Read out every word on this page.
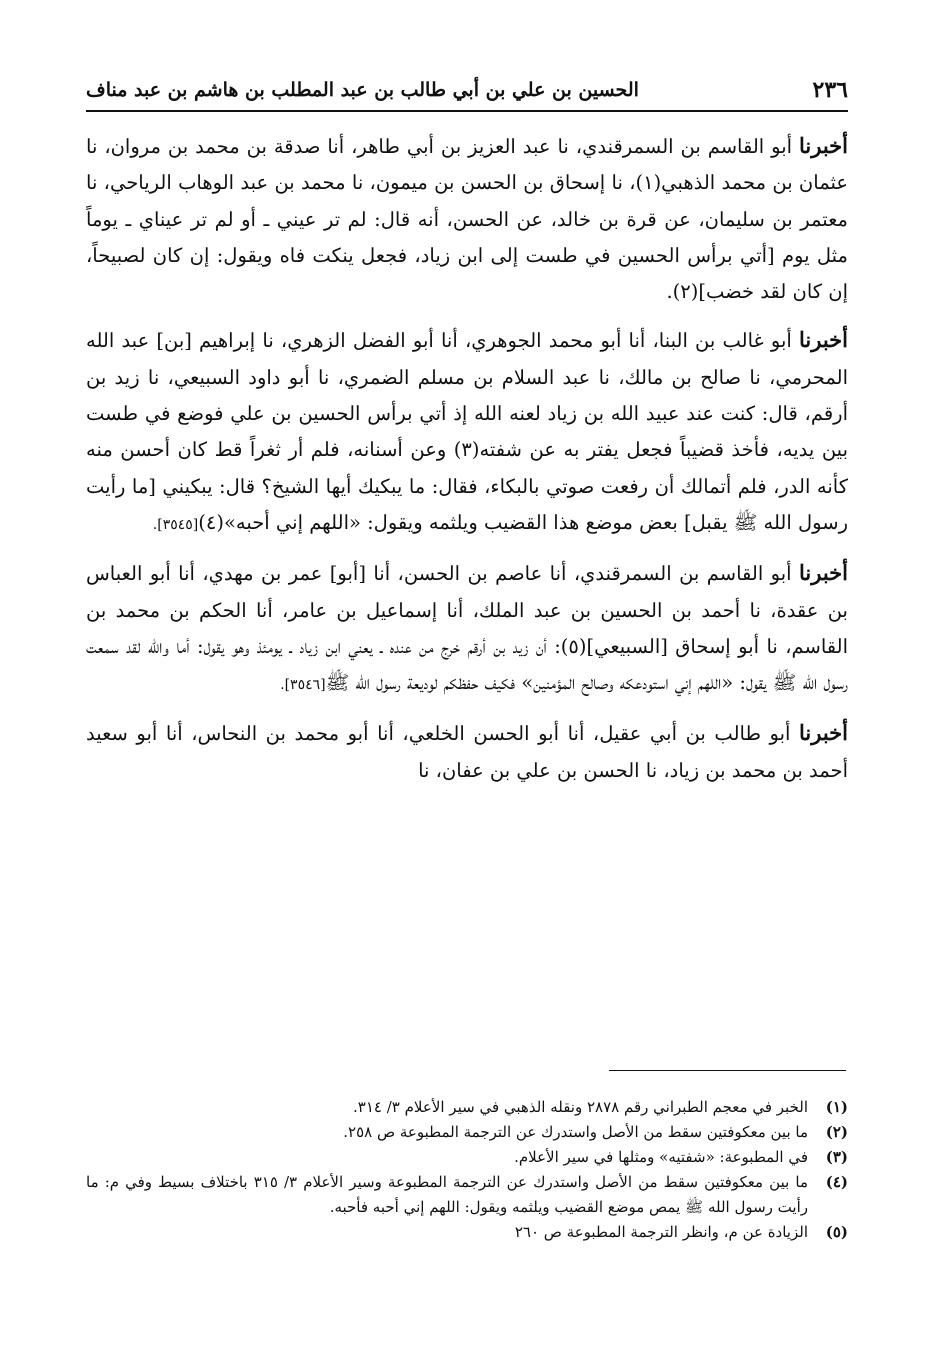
٢٣٦
الحسين بن علي بن أبي طالب بن عبد المطلب بن هاشم بن عبد مناف

أخبرنا أبو القاسم بن السمرقندي، نا عبد العزيز بن أبي طاهر، أنا صدقة بن محمد بن مروان، نا عثمان بن محمد الذهبي(١)، نا إسحاق بن الحسن بن ميمون، نا محمد بن عبد الوهاب الرياحي، نا معتمر بن سليمان، عن قرة بن خالد، عن الحسن، أنه قال: لم تر عيني ـ أو لم تر عيناي ـ يوماً مثل يوم [أتي برأس الحسين في طست إلى ابن زياد، فجعل ينكت فاه ويقول: إن كان لصبيحاً، إن كان لقد خضب](٢).

أخبرنا أبو غالب بن البنا، أنا أبو محمد الجوهري، أنا أبو الفضل الزهري، نا إبراهيم [بن] عبد الله المحرمي، نا صالح بن مالك، نا عبد السلام بن مسلم الضمري، نا أبو داود السبيعي، نا زيد بن أرقم، قال: كنت عند عبيد الله بن زياد لعنه الله إذ أتي برأس الحسين بن علي فوضع في طست بين يديه، فأخذ قضيباً فجعل يفتر به عن شفته(٣) وعن أسنانه، فلم أر ثغراً قط كان أحسن منه كأنه الدر، فلم أتمالك أن رفعت صوتي بالبكاء، فقال: ما يبكيك أيها الشيخ؟ قال: يبكيني [ما رأيت رسول الله ﷺ يقبل] بعض موضع هذا القضيب ويلثمه ويقول: «اللهم إني أحبه»(٤)[٣٥٤٥].

أخبرنا أبو القاسم بن السمرقندي، أنا عاصم بن الحسن، أنا [أبو] عمر بن مهدي، أنا أبو العباس بن عقدة، نا أحمد بن الحسين بن عبد الملك، أنا إسماعيل بن عامر، أنا الحكم بن محمد بن القاسم، نا أبو إسحاق [السبيعي](٥): أن زيد بن أرقم خرج من عنده ـ يعني ابن زياد ـ يومئذ وهو يقول: أما والله لقد سمعت رسول الله ﷺ يقول: «اللهم إني استودعكه وصالح المؤمنين» فكيف حفظكم لوديعة رسول الله ﷺ[٣٥٤٦].

أخبرنا أبو طالب بن أبي عقيل، أنا أبو الحسن الخلعي، أنا أبو محمد بن النحاس، أنا أبو سعيد أحمد بن محمد بن زياد، نا الحسن بن علي بن عفان، نا

(١)
الخبر في معجم الطبراني رقم ٢٨٧٨ ونقله الذهبي في سير الأعلام ٣/ ٣١٤.

(٢)
ما بين معكوفتين سقط من الأصل واستدرك عن الترجمة المطبوعة ص ٢٥٨.

(٣)
في المطبوعة: «شفتيه» ومثلها في سير الأعلام.

(٤)
ما بين معكوفتين سقط من الأصل واستدرك عن الترجمة المطبوعة وسير الأعلام ٣/ ٣١٥ باختلاف بسيط وفي م: ما رأيت رسول الله ﷺ يمص موضع القضيب ويلثمه ويقول: اللهم إني أحبه فأحبه.

(٥)
الزيادة عن م، وانظر الترجمة المطبوعة ص ٢٦٠
